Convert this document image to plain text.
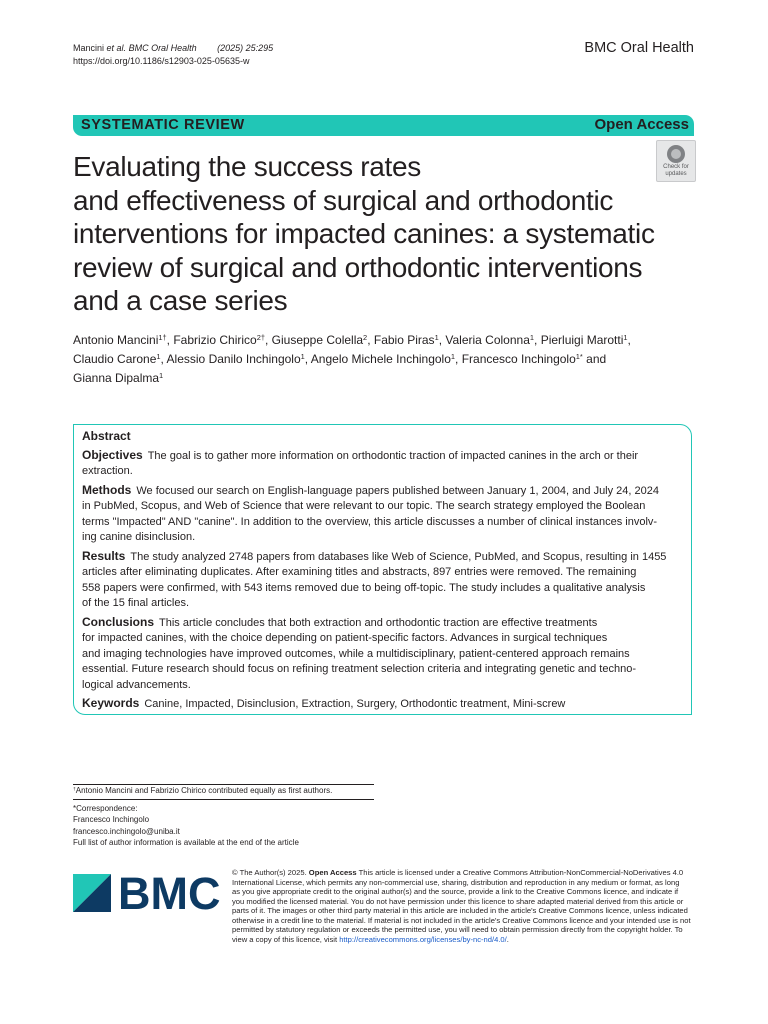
Mancini et al. BMC Oral Health (2025) 25:295
https://doi.org/10.1186/s12903-025-05635-w
BMC Oral Health
SYSTEMATIC REVIEW	Open Access
Check for
updates
Evaluating the success rates
and effectiveness of surgical and orthodontic
interventions for impacted canines: a systematic
review of surgical and orthodontic interventions
and a case series
Antonio Mancini$^{1\dagger}$, Fabrizio Chirico$^{2\dagger}$, Giuseppe Colella$^2$, Fabio Piras$^1$, Valeria Colonna$^1$, Pierluigi Marotti$^1$,
Claudio Carone$^1$, Alessio Danilo Inchingolo$^1$, Angelo Michele Inchingolo$^1$, Francesco Inchingolo$^{1*}$ and
Gianna Dipalma$^1$
Abstract
Objectives The goal is to gather more information on orthodontic traction of impacted canines in the arch or their
extraction.
Methods We focused our search on English-language papers published between January 1, 2004, and July 24, 2024
in PubMed, Scopus, and Web of Science that were relevant to our topic. The search strategy employed the Boolean
terms "Impacted" AND "canine". In addition to the overview, this article discusses a number of clinical instances involv-
ing canine disinclusion.
Results The study analyzed 2748 papers from databases like Web of Science, PubMed, and Scopus, resulting in 1455
articles after eliminating duplicates. After examining titles and abstracts, 897 entries were removed. The remaining
558 papers were confirmed, with 543 items removed due to being off-topic. The study includes a qualitative analysis
of the 15 final articles.
Conclusions This article concludes that both extraction and orthodontic traction are effective treatments
for impacted canines, with the choice depending on patient-specific factors. Advances in surgical techniques
and imaging technologies have improved outcomes, while a multidisciplinary, patient-centered approach remains
essential. Future research should focus on refining treatment selection criteria and integrating genetic and techno-
logical advancements.
Keywords Canine, Impacted, Disinclusion, Extraction, Surgery, Orthodontic treatment, Mini-screw
†Antonio Mancini and Fabrizio Chirico contributed equally as first authors.
*Correspondence:
Francesco Inchingolo
francesco.inchingolo@uniba.it
Full list of author information is available at the end of the article
BMC © The Author(s) 2025. Open Access This article is licensed under a Creative Commons Attribution-NonCommercial-NoDerivatives 4.0
International License, which permits any non-commercial use, sharing, distribution and reproduction in any medium or format, as long
as you give appropriate credit to the original author(s) and the source, provide a link to the Creative Commons licence, and indicate if
you modified the licensed material. You do not have permission under this licence to share adapted material derived from this article or
parts of it. The images or other third party material in this article are included in the article's Creative Commons licence, unless indicated
otherwise in a credit line to the material. If material is not included in the article's Creative Commons licence and your intended use is not
permitted by statutory regulation or exceeds the permitted use, you will need to obtain permission directly from the copyright holder. To
view a copy of this licence, visit http://creativecommons.org/licenses/by-nc-nd/4.0/.
